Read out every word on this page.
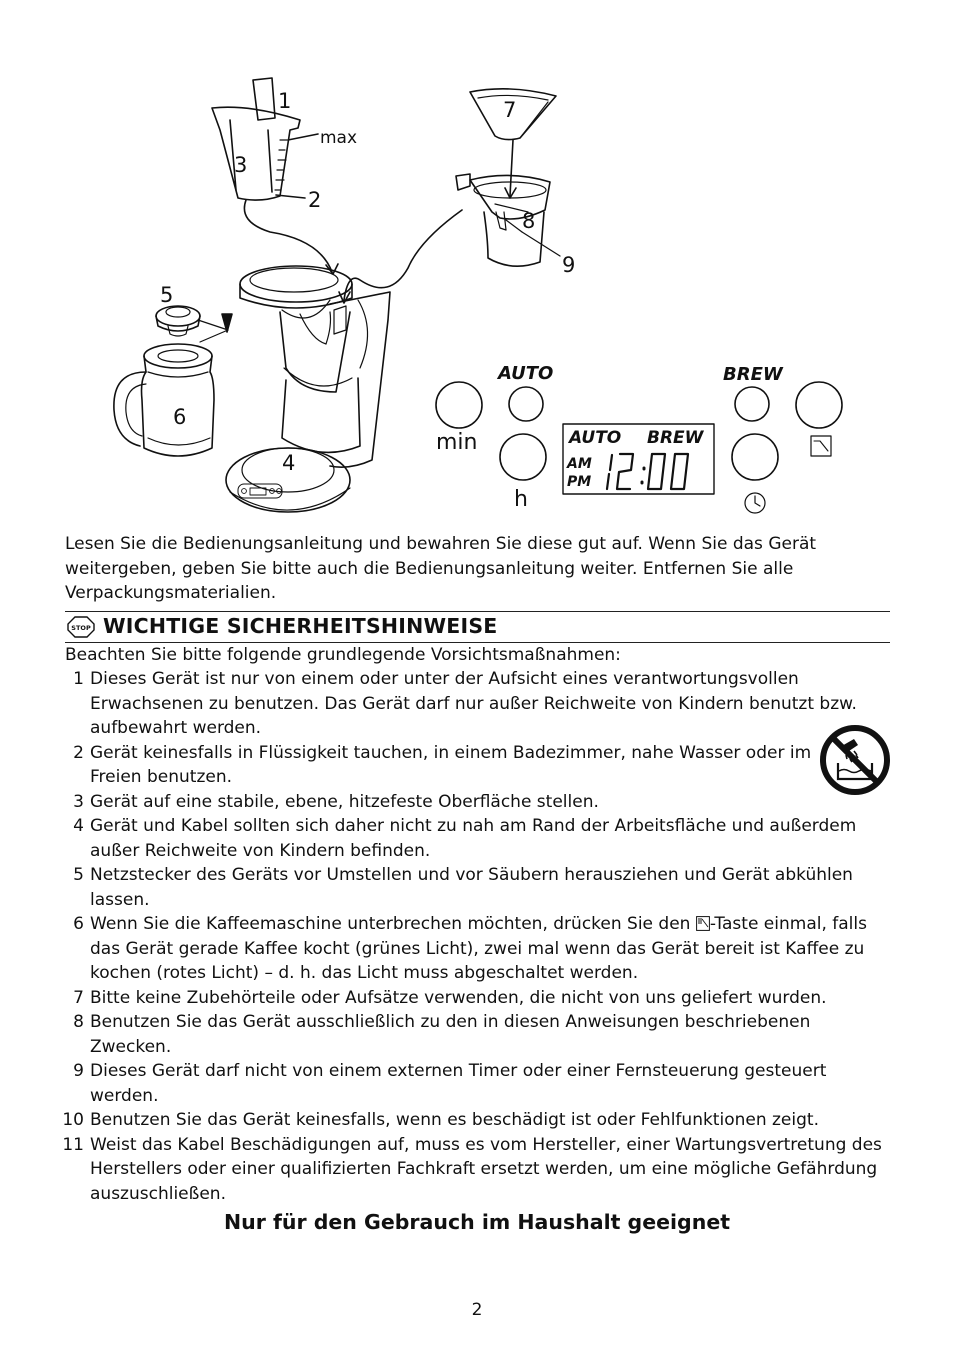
1
2
3
4
5
6
7
8
9
max
AUTO	BREW
min
h
AUTO BREW
AM
PM

Lesen Sie die Bedienungsanleitung und bewahren Sie diese gut auf. Wenn Sie das Gerät weitergeben, geben Sie bitte auch die Bedienungsanleitung weiter. Entfernen Sie alle Verpackungsmaterialien.

STOP WICHTIGE SICHERHEITSHINWEISE

Beachten Sie bitte folgende grundlegende Vorsichtsmaßnahmen:

1 Dieses Gerät ist nur von einem oder unter der Aufsicht eines verantwortungsvollen Erwachsenen zu benutzen. Das Gerät darf nur außer Reichweite von Kindern benutzt bzw. aufbewahrt werden.
2 Gerät keinesfalls in Flüssigkeit tauchen, in einem Badezimmer, nahe Wasser oder im Freien benutzen.
3 Gerät auf eine stabile, ebene, hitzefeste Oberfläche stellen.
4 Gerät und Kabel sollten sich daher nicht zu nah am Rand der Arbeitsfläche und außerdem außer Reichweite von Kindern befinden.
5 Netzstecker des Geräts vor Umstellen und vor Säubern herausziehen und Gerät abkühlen lassen.
6 Wenn Sie die Kaffeemaschine unterbrechen möchten, drücken Sie den -Taste einmal, falls das Gerät gerade Kaffee kocht (grünes Licht), zwei mal wenn das Gerät bereit ist Kaffee zu kochen (rotes Licht) – d. h. das Licht muss abgeschaltet werden.
7 Bitte keine Zubehörteile oder Aufsätze verwenden, die nicht von uns geliefert wurden.
8 Benutzen Sie das Gerät ausschließlich zu den in diesen Anweisungen beschriebenen Zwecken.
9 Dieses Gerät darf nicht von einem externen Timer oder einer Fernsteuerung gesteuert werden.
10 Benutzen Sie das Gerät keinesfalls, wenn es beschädigt ist oder Fehlfunktionen zeigt.
11 Weist das Kabel Beschädigungen auf, muss es vom Hersteller, einer Wartungsvertretung des Herstellers oder einer qualifizierten Fachkraft ersetzt werden, um eine mögliche Gefährdung auszuschließen.
Nur für den Gebrauch im Haushalt geeignet
2
